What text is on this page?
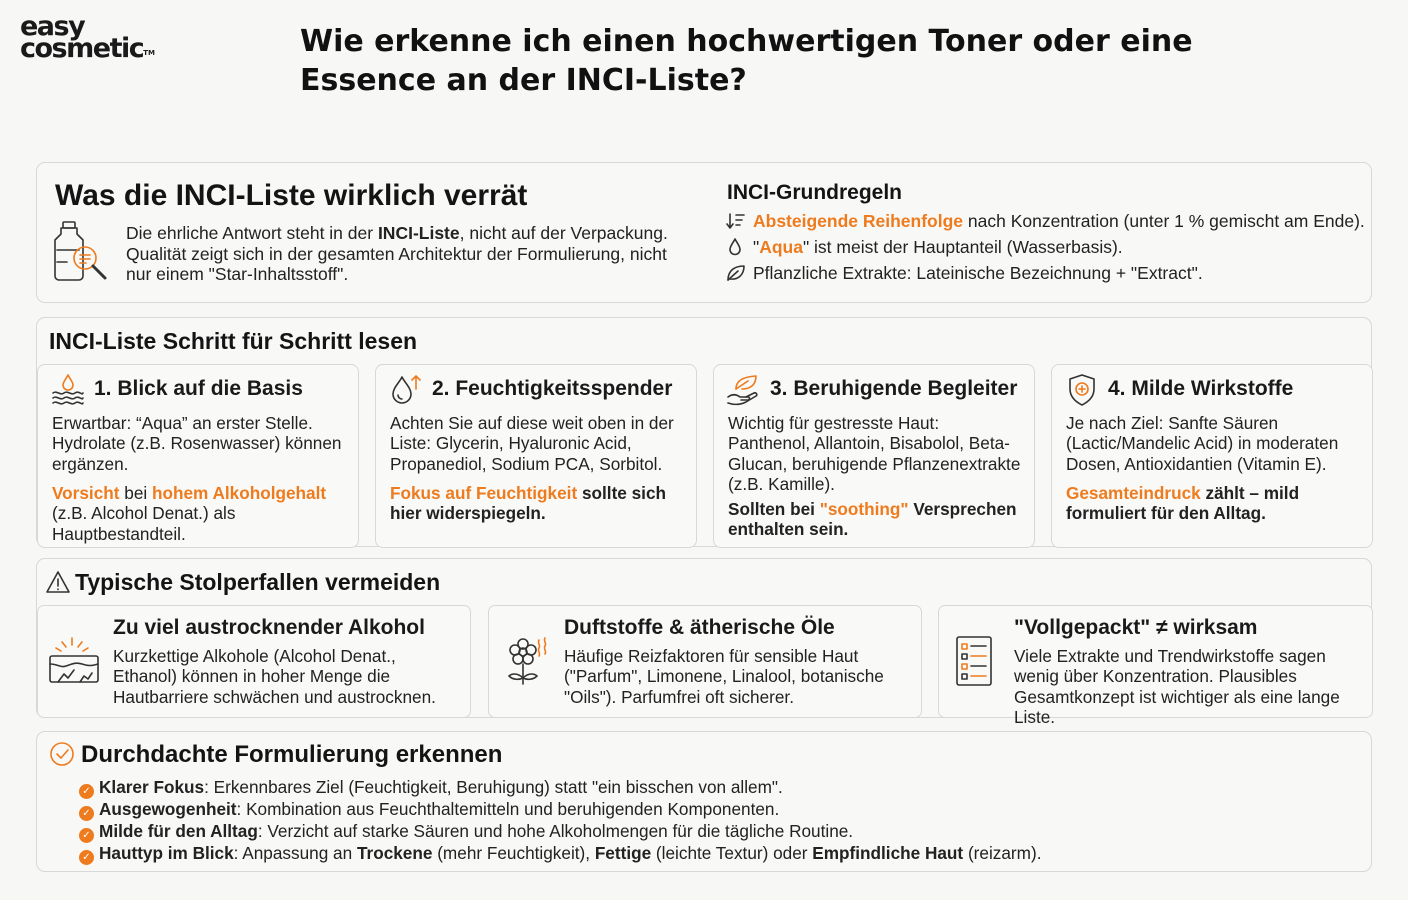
easy
cosmetic™	Wie erkenne ich einen hochwertigen Toner oder eine Essence an der INCI-Liste?
Was die INCI-Liste wirklich verrät
Die ehrliche Antwort steht in der INCI-Liste, nicht auf der Verpackung. Qualität zeigt sich in der gesamten Architektur der Formulierung, nicht nur einem "Star-Inhaltsstoff".
INCI-Grundregeln
Absteigende Reihenfolge nach Konzentration (unter 1 % gemischt am Ende).
"Aqua" ist meist der Hauptanteil (Wasserbasis).
Pflanzliche Extrakte: Lateinische Bezeichnung + "Extract".
INCI-Liste Schritt für Schritt lesen
1. Blick auf die Basis
Erwartbar: “Aqua” an erster Stelle. Hydrolate (z.B. Rosenwasser) können ergänzen.
Vorsicht bei hohem Alkoholgehalt (z.B. Alcohol Denat.) als Hauptbestandteil.
2. Feuchtigkeitsspender
Achten Sie auf diese weit oben in der Liste: Glycerin, Hyaluronic Acid, Propanediol, Sodium PCA, Sorbitol.
Fokus auf Feuchtigkeit sollte sich hier widerspiegeln.
3. Beruhigende Begleiter
Wichtig für gestresste Haut: Panthenol, Allantoin, Bisabolol, Beta-Glucan, beruhigende Pflanzenextrakte (z.B. Kamille).
Sollten bei "soothing" Versprechen enthalten sein.
4. Milde Wirkstoffe
Je nach Ziel: Sanfte Säuren (Lactic/Mandelic Acid) in moderaten Dosen, Antioxidantien (Vitamin E).
Gesamteindruck zählt – mild formuliert für den Alltag.
Typische Stolperfallen vermeiden
Zu viel austrocknender Alkohol
Kurzkettige Alkohole (Alcohol Denat., Ethanol) können in hoher Menge die Hautbarriere schwächen und austrocknen.
Duftstoffe & ätherische Öle
Häufige Reizfaktoren für sensible Haut ("Parfum", Limonene, Linalool, botanische "Oils"). Parfumfrei oft sicherer.
"Vollgepackt" ≠ wirksam
Viele Extrakte und Trendwirkstoffe sagen wenig über Konzentration. Plausibles Gesamtkonzept ist wichtiger als eine lange Liste.
Durchdachte Formulierung erkennen
✓ Klarer Fokus: Erkennbares Ziel (Feuchtigkeit, Beruhigung) statt "ein bisschen von allem".
✓ Ausgewogenheit: Kombination aus Feuchthaltemitteln und beruhigenden Komponenten.
✓ Milde für den Alltag: Verzicht auf starke Säuren und hohe Alkoholmengen für die tägliche Routine.
✓ Hauttyp im Blick: Anpassung an Trockene (mehr Feuchtigkeit), Fettige (leichte Textur) oder Empfindliche Haut (reizarm).
